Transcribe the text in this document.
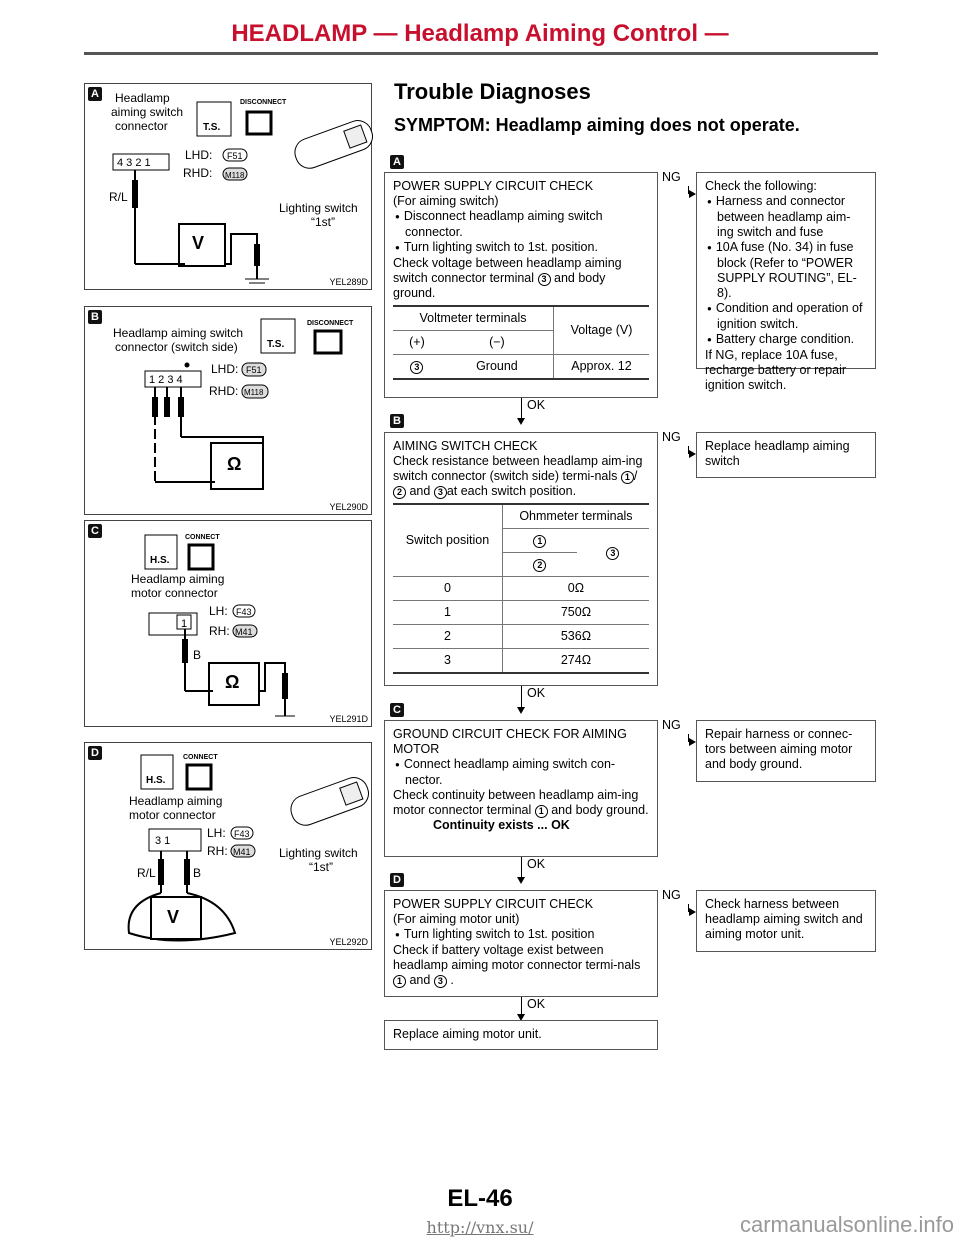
HEADLAMP — Headlamp Aiming Control —
A Headlamp
aiming switch
connector	T.S.
DISCONNECT
LHD:
RHD:
F51
M118
4 3 2 1
R/L
V
Lighting switch
“1st”
YEL289D
B
Headlamp aiming switch
connector (switch side)	T.S.
DISCONNECT
LHD:
RHD:
F51
M118
1 2 3 4
Ω
YEL290D
C
H.S.
CONNECT
Headlamp aiming
motor connector
LH:
RH:
F43
M41
1
B
Ω
YEL291D
D
H.S.
CONNECT
Headlamp aiming
motor connector
LH:
RH:
F43
M41
3 1
R/L	B
V
Lighting switch
“1st”
YEL292D
Trouble Diagnoses
SYMPTOM: Headlamp aiming does not operate.
A
POWER SUPPLY CIRCUIT CHECK
(For aiming switch)
● Disconnect headlamp aiming switch connector.
● Turn lighting switch to 1st. position.
Check voltage between headlamp aiming switch connector terminal 3 and body ground.
Voltmeter terminals		Voltage (V)
(+)	(−)	
3	Ground	Approx. 12
NG
Check the following:
● Harness and connector between headlamp aim-ing switch and fuse
● 10A fuse (No. 34) in fuse block (Refer to “POWER SUPPLY ROUTING”, EL-8).
● Condition and operation of ignition switch.
● Battery charge condition.
If NG, replace 10A fuse, recharge battery or repair ignition switch.
OK
B
AIMING SWITCH CHECK
Check resistance between headlamp aim-ing switch connector (switch side) termi-nals 1 /2 and 3 at each switch position.
Switch position	Ohmmeter terminals	
	1	3
	2	
0	0Ω	
1	750Ω	
2	536Ω	
3	274Ω	
NG
Replace headlamp aiming switch
OK
C
GROUND CIRCUIT CHECK FOR AIMING MOTOR
● Connect headlamp aiming switch con-nector.
Check continuity between headlamp aim-ing motor connector terminal 1 and body ground.
Continuity exists ... OK
NG
Repair harness or connec-tors between aiming motor and body ground.
OK
D
POWER SUPPLY CIRCUIT CHECK
(For aiming motor unit)
● Turn lighting switch to 1st. position
Check if battery voltage exist between headlamp aiming motor connector termi-nals 1 and 3 .
NG
Check harness between headlamp aiming switch and aiming motor unit.
OK
Replace aiming motor unit.
EL-46
http://vnx.su/	carmanualsonline.info
